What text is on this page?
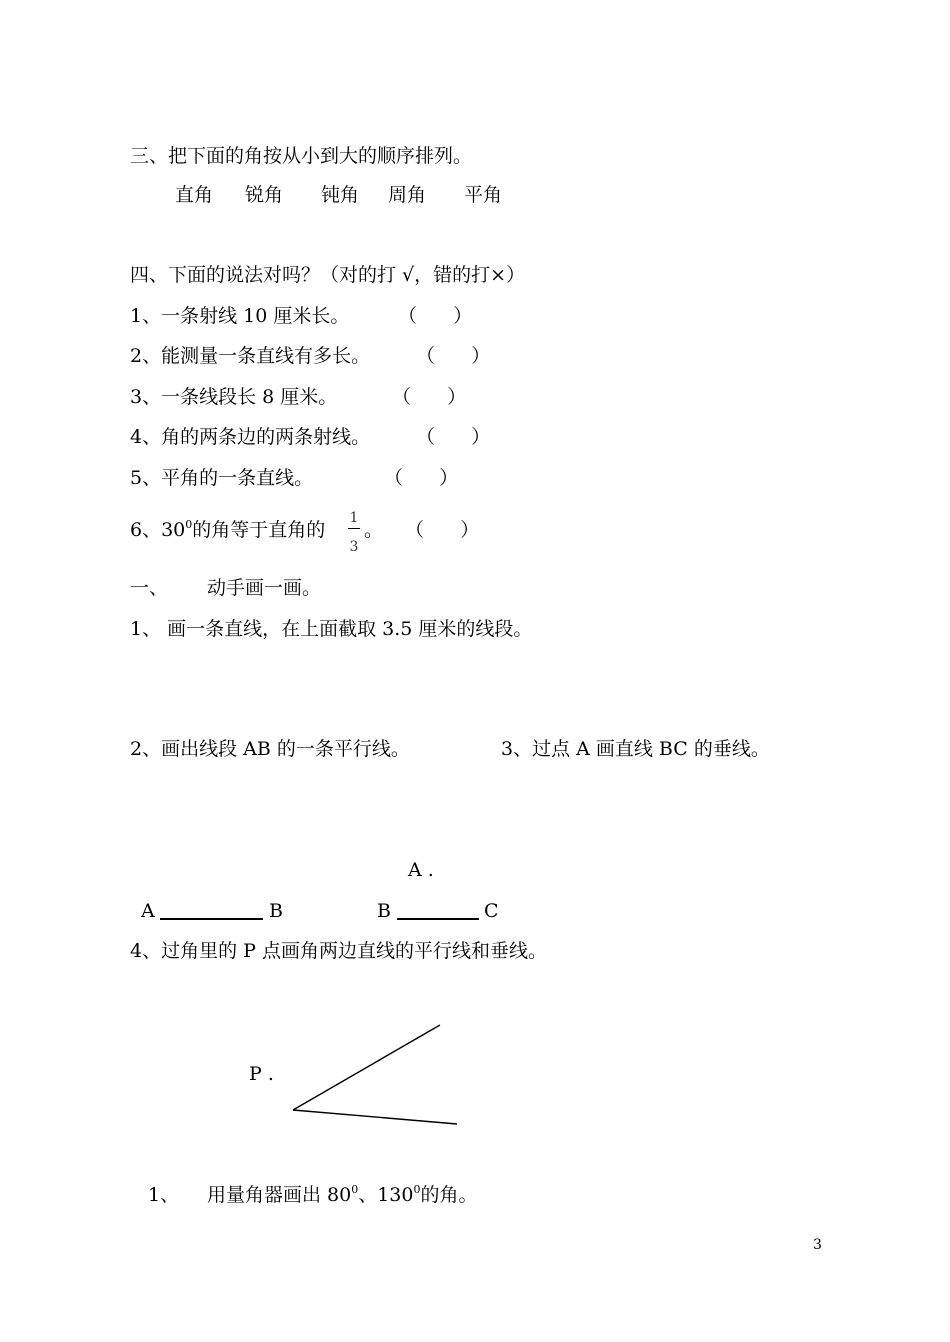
三、把下面的角按从小到大的顺序排列。
直角 锐角 钝角 周角 平角
四、下面的说法对吗？（对的打 √，错的打×）
1、一条射线 10 厘米长。	（      ）
2、能测量一条直线有多长。 （      ）
3、一条线段长 8 厘米。	（      ）
4、角的两条边的两条射线。 （      ）
5、平角的一条直线。	（      ）
6、$30^0$的角等于直角的
1
3
。 （      ）
一、 动手画一画。
1、 画一条直线，在上面截取 3.5 厘米的线段。
2、画出线段 AB 的一条平行线。	3、过点 A 画直线 BC 的垂线。
A .
A	B	B	C
4、过角里的 P 点画角两边直线的平行线和垂线。
P .
1、 用量角器画出 $80^0$、$130^0$的角。
3
